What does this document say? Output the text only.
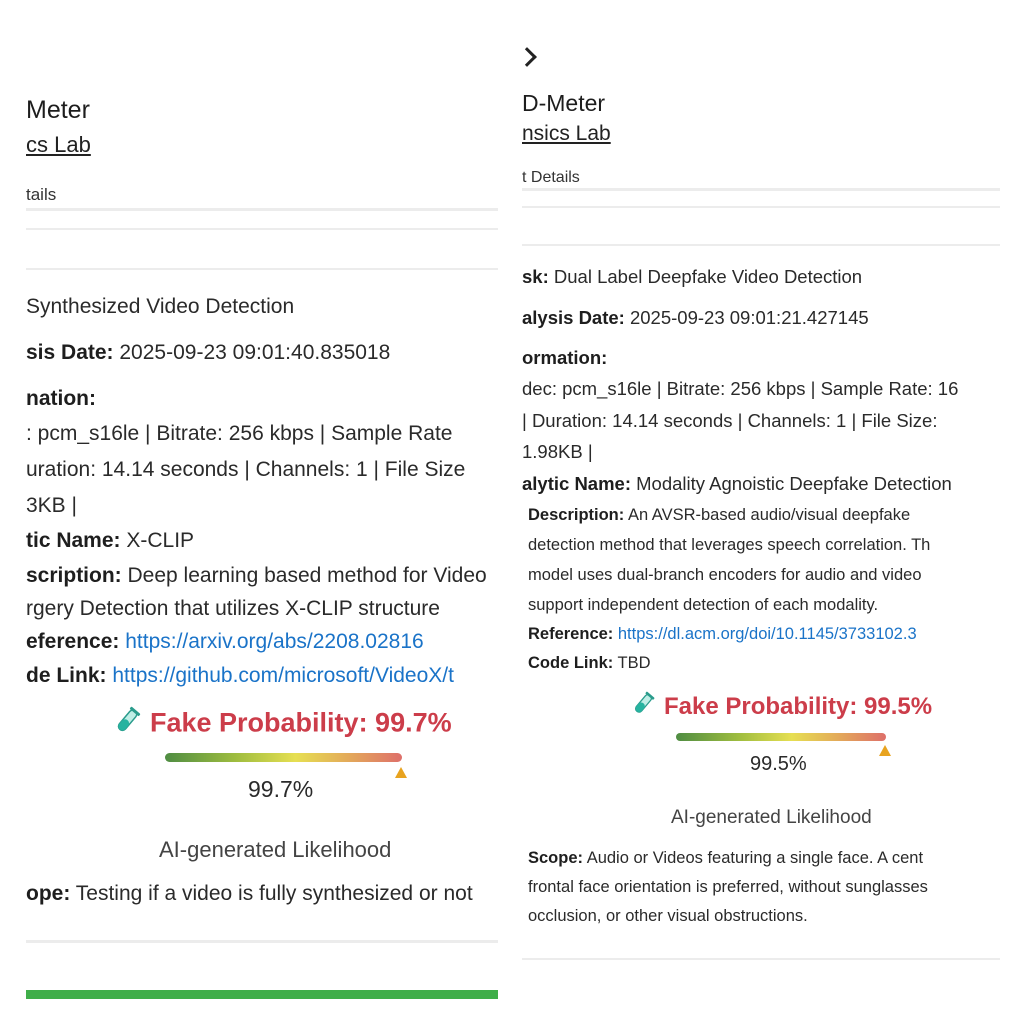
Meter
cs Lab
tails
Synthesized Video Detection
sis Date: 2025-09-23 09:01:40.835018
nation:
: pcm_s16le | Bitrate: 256 kbps | Sample Rate
uration: 14.14 seconds | Channels: 1 | File Size
3KB |
tic Name: X-CLIP
scription: Deep learning based method for Video
rgery Detection that utilizes X-CLIP structure
eference: https://arxiv.org/abs/2208.02816
de Link: https://github.com/microsoft/VideoX/t
Fake Probability: 99.7%
99.7%
AI-generated Likelihood
ope: Testing if a video is fully synthesized or not
D-Meter
nsics Lab
t Details
sk: Dual Label Deepfake Video Detection
alysis Date: 2025-09-23 09:01:21.427145
ormation:
dec: pcm_s16le | Bitrate: 256 kbps | Sample Rate: 16
| Duration: 14.14 seconds | Channels: 1 | File Size:
1.98KB |
alytic Name: Modality Agnoistic Deepfake Detection
Description: An AVSR-based audio/visual deepfake
detection method that leverages speech correlation. Th
model uses dual-branch encoders for audio and video
support independent detection of each modality.
Reference: https://dl.acm.org/doi/10.1145/3733102.3
Code Link: TBD
Fake Probability: 99.5%
99.5%
AI-generated Likelihood
Scope: Audio or Videos featuring a single face. A cent
frontal face orientation is preferred, without sunglasses
occlusion, or other visual obstructions.
